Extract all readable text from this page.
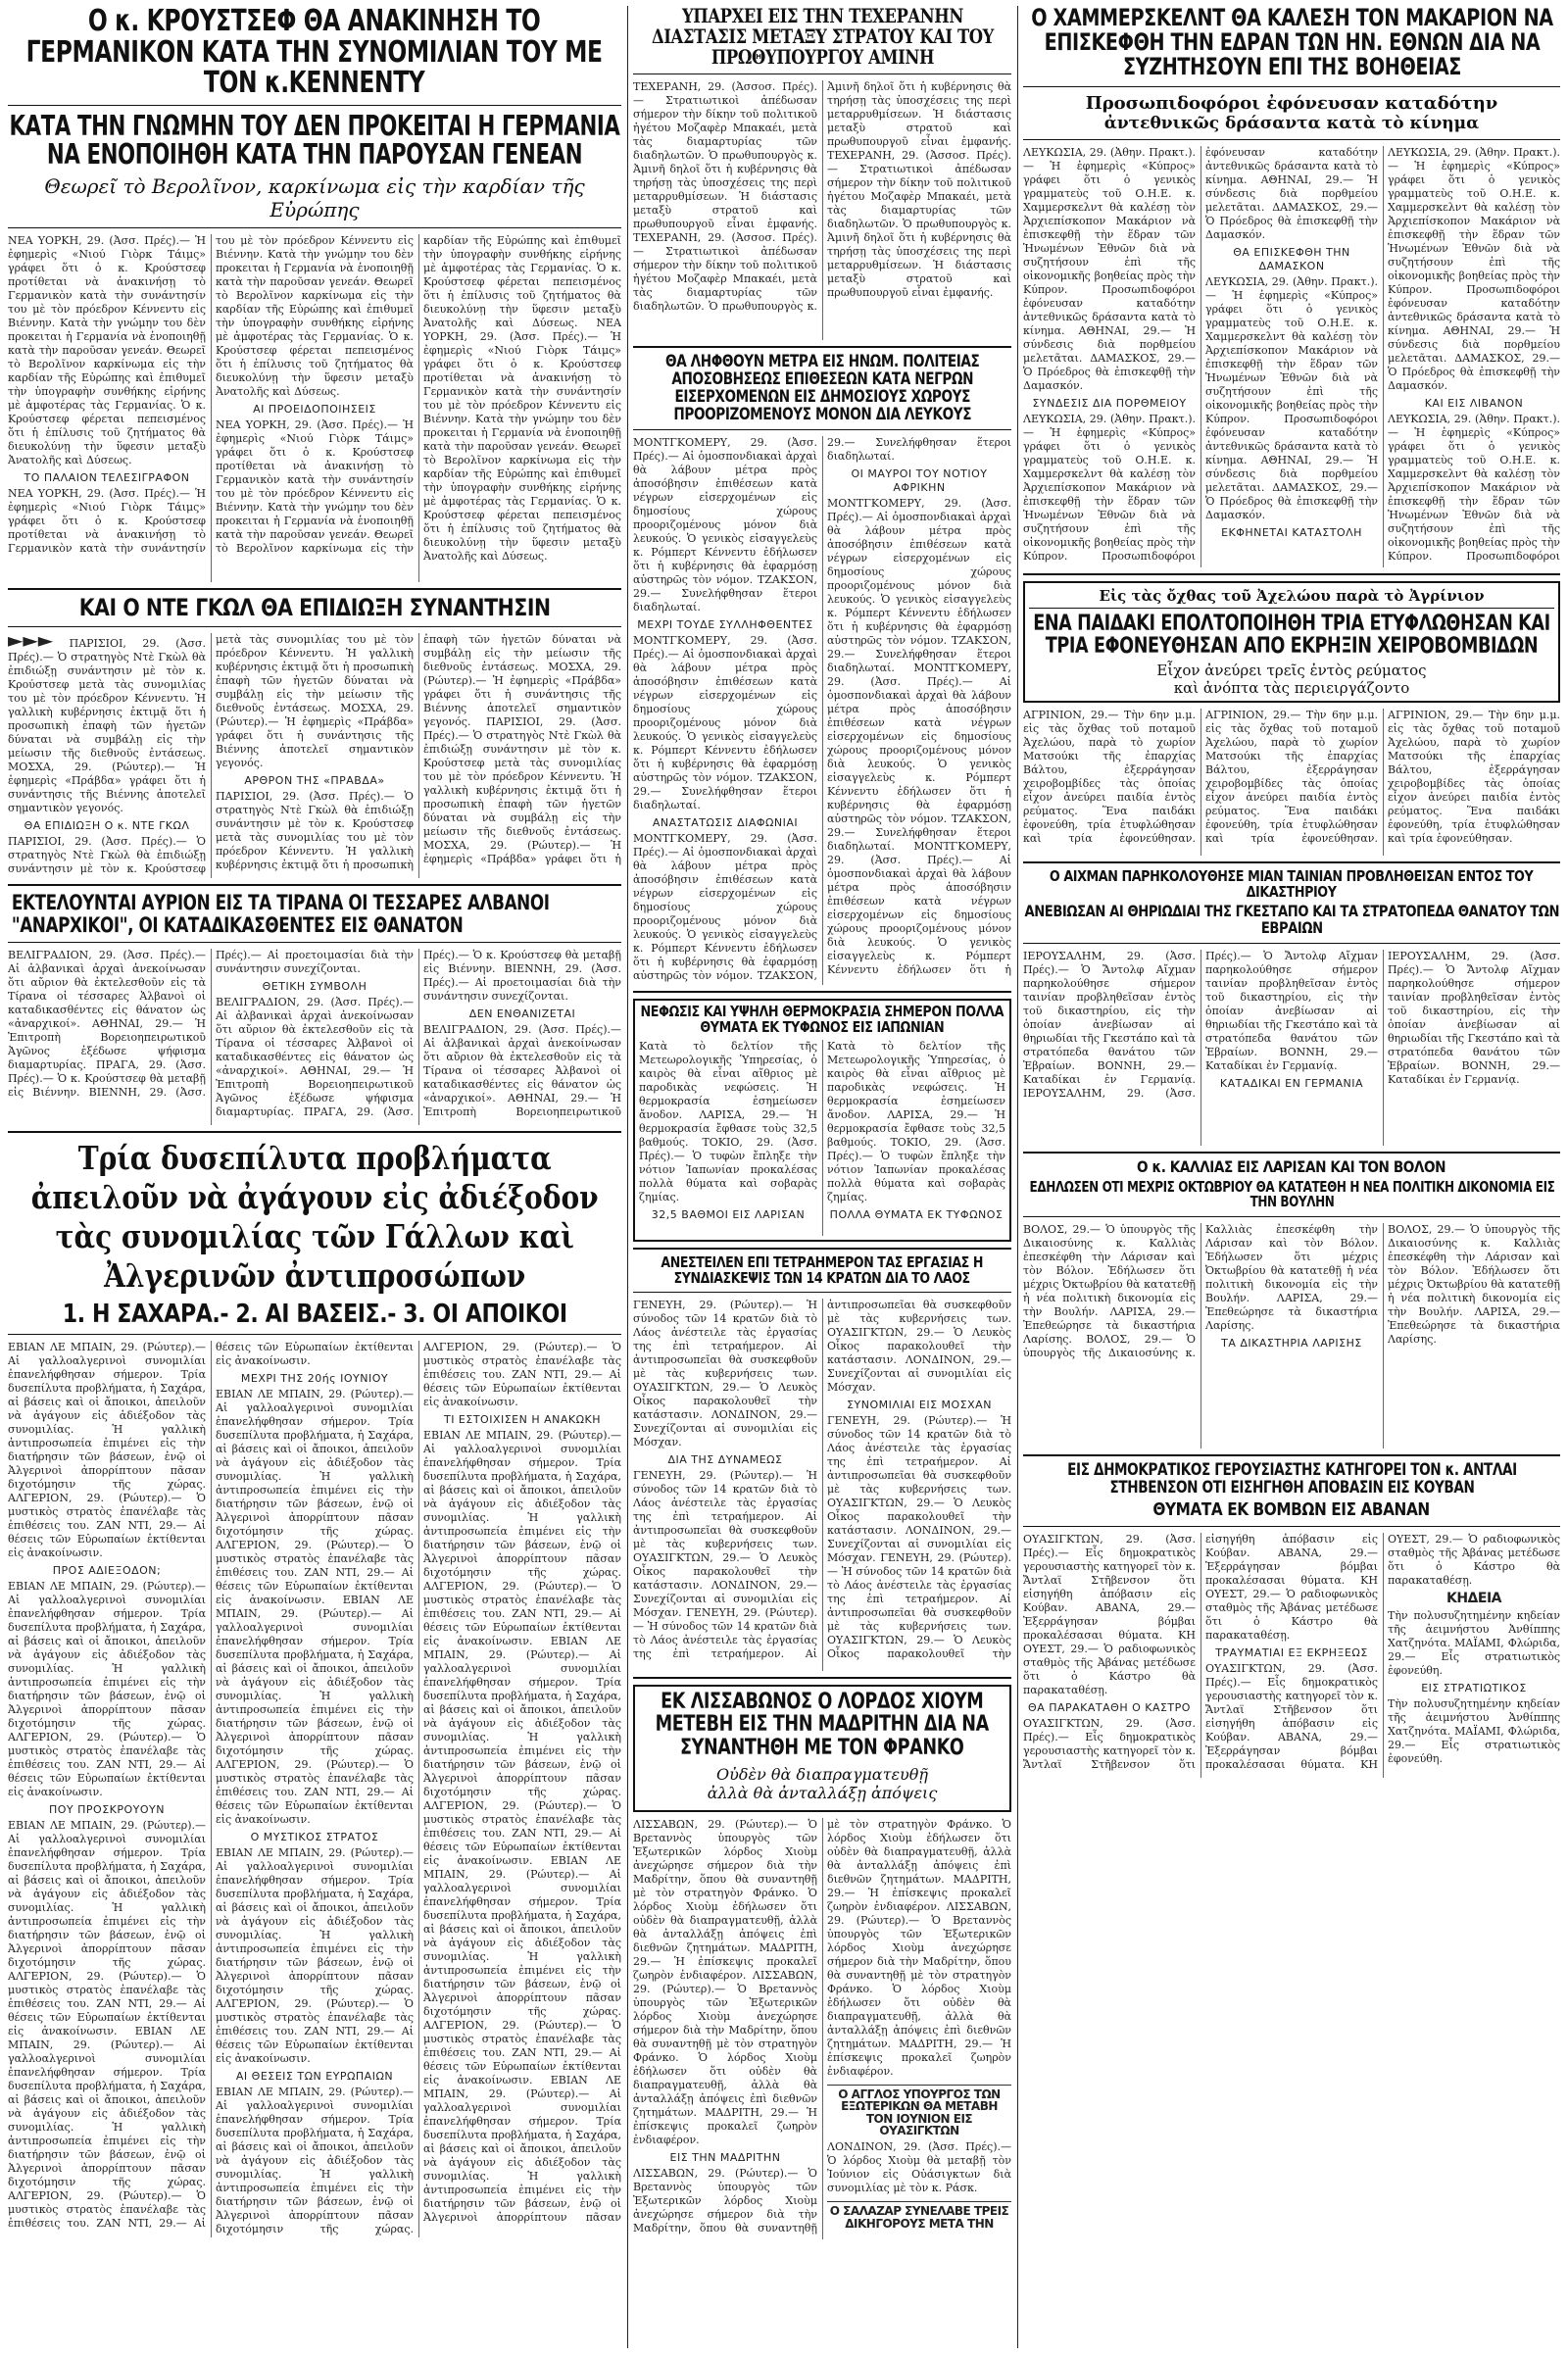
Ο κ. ΚΡΟΥΣΤΣΕΦ ΘΑ ΑΝΑΚΙΝΗΣΗ ΤΟ ΓΕΡΜΑΝΙΚΟΝ ΚΑΤΑ ΤΗΝ ΣΥΝΟΜΙΛΙΑΝ ΤΟΥ ΜΕ ΤΟΝ κ.ΚΕΝΝΕΝΤΥ
ΚΑΤΑ ΤΗΝ ΓΝΩΜΗΝ ΤΟΥ ΔΕΝ ΠΡΟΚΕΙΤΑΙ Η ΓΕΡΜΑΝΙΑ ΝΑ ΕΝΟΠΟΙΗΘΗ ΚΑΤΑ ΤΗΝ ΠΑΡΟΥΣΑΝ ΓΕΝΕΑΝ
Θεωρεῖ τὸ Βερολῖνον, καρκίνωμα εἰς τὴν καρδίαν τῆς Εὐρώπης
ΝΕΑ ΥΟΡΚΗ, 29. (Ἀσσ. Πρές).— Ἡ ἐφημερὶς «Νιού Γιὸρκ Τάιμς» γράφει ὅτι ὁ κ. Κρούστσεφ προτίθεται νὰ ἀνακινήσῃ τὸ Γερμανικὸν κατὰ τὴν συνάντησίν του μὲ τὸν πρόεδρον Κέννεντυ εἰς Βιέννην. Κατὰ τὴν γνώμην του δὲν προκειται ἡ Γερμανία νὰ ἑνοποιηθῇ κατὰ τὴν παροῦσαν γενεάν. Θεωρεῖ τὸ Βερολῖνον καρκίνωμα εἰς τὴν καρδίαν τῆς Εὐρώπης καὶ ἐπιθυμεῖ τὴν ὑπογραφὴν συνθήκης εἰρήνης μὲ ἀμφοτέρας τὰς Γερμανίας. Ὁ κ. Κρούστσεφ φέρεται πεπεισμένος ὅτι ἡ ἐπίλυσις τοῦ ζητήματος θὰ διευκολύνῃ τὴν ὕφεσιν μεταξὺ Ἀνατολῆς καὶ Δύσεως.
ΤΟ ΠΑΛΑΙΟΝ ΤΕΛΕΣΙΓΡΑΦΟΝ
ΝΕΑ ΥΟΡΚΗ, 29. (Ἀσσ. Πρές).— Ἡ ἐφημερὶς «Νιού Γιὸρκ Τάιμς» γράφει ὅτι ὁ κ. Κρούστσεφ προτίθεται νὰ ἀνακινήσῃ τὸ Γερμανικὸν κατὰ τὴν συνάντησίν του μὲ τὸν πρόεδρον Κέννεντυ εἰς Βιέννην. Κατὰ τὴν γνώμην του δὲν προκειται ἡ Γερμανία νὰ ἑνοποιηθῇ κατὰ τὴν παροῦσαν γενεάν. Θεωρεῖ τὸ Βερολῖνον καρκίνωμα εἰς τὴν καρδίαν τῆς Εὐρώπης καὶ ἐπιθυμεῖ τὴν ὑπογραφὴν συνθήκης εἰρήνης μὲ ἀμφοτέρας τὰς Γερμανίας. Ὁ κ. Κρούστσεφ φέρεται πεπεισμένος ὅτι ἡ ἐπίλυσις τοῦ ζητήματος θὰ διευκολύνῃ τὴν ὕφεσιν μεταξὺ Ἀνατολῆς καὶ Δύσεως.
ΑΙ ΠΡΟΕΙΔΟΠΟΙΗΣΕΙΣ
ΝΕΑ ΥΟΡΚΗ, 29. (Ἀσσ. Πρές).— Ἡ ἐφημερὶς «Νιού Γιὸρκ Τάιμς» γράφει ὅτι ὁ κ. Κρούστσεφ προτίθεται νὰ ἀνακινήσῃ τὸ Γερμανικὸν κατὰ τὴν συνάντησίν του μὲ τὸν πρόεδρον Κέννεντυ εἰς Βιέννην. Κατὰ τὴν γνώμην του δὲν προκειται ἡ Γερμανία νὰ ἑνοποιηθῇ κατὰ τὴν παροῦσαν γενεάν. Θεωρεῖ τὸ Βερολῖνον καρκίνωμα εἰς τὴν καρδίαν τῆς Εὐρώπης καὶ ἐπιθυμεῖ τὴν ὑπογραφὴν συνθήκης εἰρήνης μὲ ἀμφοτέρας τὰς Γερμανίας. Ὁ κ. Κρούστσεφ φέρεται πεπεισμένος ὅτι ἡ ἐπίλυσις τοῦ ζητήματος θὰ διευκολύνῃ τὴν ὕφεσιν μεταξὺ Ἀνατολῆς καὶ Δύσεως. ΝΕΑ ΥΟΡΚΗ, 29. (Ἀσσ. Πρές).— Ἡ ἐφημερὶς «Νιού Γιὸρκ Τάιμς» γράφει ὅτι ὁ κ. Κρούστσεφ προτίθεται νὰ ἀνακινήσῃ τὸ Γερμανικὸν κατὰ τὴν συνάντησίν του μὲ τὸν πρόεδρον Κέννεντυ εἰς Βιέννην. Κατὰ τὴν γνώμην του δὲν προκειται ἡ Γερμανία νὰ ἑνοποιηθῇ κατὰ τὴν παροῦσαν γενεάν. Θεωρεῖ τὸ Βερολῖνον καρκίνωμα εἰς τὴν καρδίαν τῆς Εὐρώπης καὶ ἐπιθυμεῖ τὴν ὑπογραφὴν συνθήκης εἰρήνης μὲ ἀμφοτέρας τὰς Γερμανίας. Ὁ κ. Κρούστσεφ φέρεται πεπεισμένος ὅτι ἡ ἐπίλυσις τοῦ ζητήματος θὰ διευκολύνῃ τὴν ὕφεσιν μεταξὺ Ἀνατολῆς καὶ Δύσεως.
ΚΑΙ Ο ΝΤΕ ΓΚΩΛ ΘΑ ΕΠΙΔΙΩΞΗ ΣΥΝΑΝΤΗΣΙΝ
►►► ΠΑΡΙΣΙΟΙ, 29. (Ἀσσ. Πρές).— Ὁ στρατηγὸς Ντὲ Γκὼλ θὰ ἐπιδιώξῃ συνάντησιν μὲ τὸν κ. Κρούστσεφ μετὰ τὰς συνομιλίας του μὲ τὸν πρόεδρον Κέννεντυ. Ἡ γαλλικὴ κυβέρνησις ἐκτιμᾷ ὅτι ἡ προσωπικὴ ἐπαφὴ τῶν ἡγετῶν δύναται νὰ συμβάλῃ εἰς τὴν μείωσιν τῆς διεθνοῦς ἐντάσεως. ΜΟΣΧΑ, 29. (Ρώυτερ).— Ἡ ἐφημερὶς «Πράβδα» γράφει ὅτι ἡ συνάντησις τῆς Βιέννης ἀποτελεῖ σημαντικὸν γεγονός.
ΘΑ ΕΠΙΔΙΩΞΗ Ο κ. ΝΤΕ ΓΚΩΛ
ΠΑΡΙΣΙΟΙ, 29. (Ἀσσ. Πρές).— Ὁ στρατηγὸς Ντὲ Γκὼλ θὰ ἐπιδιώξῃ συνάντησιν μὲ τὸν κ. Κρούστσεφ μετὰ τὰς συνομιλίας του μὲ τὸν πρόεδρον Κέννεντυ. Ἡ γαλλικὴ κυβέρνησις ἐκτιμᾷ ὅτι ἡ προσωπικὴ ἐπαφὴ τῶν ἡγετῶν δύναται νὰ συμβάλῃ εἰς τὴν μείωσιν τῆς διεθνοῦς ἐντάσεως. ΜΟΣΧΑ, 29. (Ρώυτερ).— Ἡ ἐφημερὶς «Πράβδα» γράφει ὅτι ἡ συνάντησις τῆς Βιέννης ἀποτελεῖ σημαντικὸν γεγονός.
ΑΡΘΡΟΝ ΤΗΣ «ΠΡΑΒΔΑ»
ΠΑΡΙΣΙΟΙ, 29. (Ἀσσ. Πρές).— Ὁ στρατηγὸς Ντὲ Γκὼλ θὰ ἐπιδιώξῃ συνάντησιν μὲ τὸν κ. Κρούστσεφ μετὰ τὰς συνομιλίας του μὲ τὸν πρόεδρον Κέννεντυ. Ἡ γαλλικὴ κυβέρνησις ἐκτιμᾷ ὅτι ἡ προσωπικὴ ἐπαφὴ τῶν ἡγετῶν δύναται νὰ συμβάλῃ εἰς τὴν μείωσιν τῆς διεθνοῦς ἐντάσεως. ΜΟΣΧΑ, 29. (Ρώυτερ).— Ἡ ἐφημερὶς «Πράβδα» γράφει ὅτι ἡ συνάντησις τῆς Βιέννης ἀποτελεῖ σημαντικὸν γεγονός. ΠΑΡΙΣΙΟΙ, 29. (Ἀσσ. Πρές).— Ὁ στρατηγὸς Ντὲ Γκὼλ θὰ ἐπιδιώξῃ συνάντησιν μὲ τὸν κ. Κρούστσεφ μετὰ τὰς συνομιλίας του μὲ τὸν πρόεδρον Κέννεντυ. Ἡ γαλλικὴ κυβέρνησις ἐκτιμᾷ ὅτι ἡ προσωπικὴ ἐπαφὴ τῶν ἡγετῶν δύναται νὰ συμβάλῃ εἰς τὴν μείωσιν τῆς διεθνοῦς ἐντάσεως. ΜΟΣΧΑ, 29. (Ρώυτερ).— Ἡ ἐφημερὶς «Πράβδα» γράφει ὅτι ἡ
ΕΚΤΕΛΟΥΝΤΑΙ ΑΥΡΙΟΝ ΕΙΣ ΤΑ ΤΙΡΑΝΑ ΟΙ ΤΕΣΣΑΡΕΣ ΑΛΒΑΝΟΙ "ΑΝΑΡΧΙΚΟΙ", ΟΙ ΚΑΤΑΔΙΚΑΣΘΕΝΤΕΣ ΕΙΣ ΘΑΝΑΤΟΝ
ΒΕΛΙΓΡΑΔΙΟΝ, 29. (Ἀσσ. Πρές).— Αἱ ἀλβανικαὶ ἀρχαὶ ἀνεκοίνωσαν ὅτι αὔριον θὰ ἐκτελεσθοῦν εἰς τὰ Τίρανα οἱ τέσσαρες Ἀλβανοὶ οἱ καταδικασθέντες εἰς θάνατον ὡς «ἀναρχικοί». ΑΘΗΝΑΙ, 29.— Ἡ Ἐπιτροπὴ Βορειοηπειρωτικοῦ Ἀγῶνος ἐξέδωσε ψήφισμα διαμαρτυρίας. ΠΡΑΓΑ, 29. (Ἀσσ. Πρές).— Ὁ κ. Κρούστσεφ θὰ μεταβῇ εἰς Βιέννην. ΒΙΕΝΝΗ, 29. (Ἀσσ. Πρές).— Αἱ προετοιμασίαι διὰ τὴν συνάντησιν συνεχίζονται.
ΘΕΤΙΚΗ ΣΥΜΒΟΛΗ
ΒΕΛΙΓΡΑΔΙΟΝ, 29. (Ἀσσ. Πρές).— Αἱ ἀλβανικαὶ ἀρχαὶ ἀνεκοίνωσαν ὅτι αὔριον θὰ ἐκτελεσθοῦν εἰς τὰ Τίρανα οἱ τέσσαρες Ἀλβανοὶ οἱ καταδικασθέντες εἰς θάνατον ὡς «ἀναρχικοί». ΑΘΗΝΑΙ, 29.— Ἡ Ἐπιτροπὴ Βορειοηπειρωτικοῦ Ἀγῶνος ἐξέδωσε ψήφισμα διαμαρτυρίας. ΠΡΑΓΑ, 29. (Ἀσσ. Πρές).— Ὁ κ. Κρούστσεφ θὰ μεταβῇ εἰς Βιέννην. ΒΙΕΝΝΗ, 29. (Ἀσσ. Πρές).— Αἱ προετοιμασίαι διὰ τὴν συνάντησιν συνεχίζονται.
ΔΕΝ ΕΝΘΑΝΙΖΕΤΑΙ
ΒΕΛΙΓΡΑΔΙΟΝ, 29. (Ἀσσ. Πρές).— Αἱ ἀλβανικαὶ ἀρχαὶ ἀνεκοίνωσαν ὅτι αὔριον θὰ ἐκτελεσθοῦν εἰς τὰ Τίρανα οἱ τέσσαρες Ἀλβανοὶ οἱ καταδικασθέντες εἰς θάνατον ὡς «ἀναρχικοί». ΑΘΗΝΑΙ, 29.— Ἡ Ἐπιτροπὴ Βορειοηπειρωτικοῦ
Τρία δυσεπίλυτα προβλήματα ἀπειλοῦν νὰ ἀγάγουν εἰς ἀδιέξοδον τὰς συνομιλίας τῶν Γάλλων καὶ Ἀλγερινῶν ἀντιπροσώπων
1. Η ΣΑΧΑΡΑ.- 2. ΑΙ ΒΑΣΕΙΣ.- 3. ΟΙ ΑΠΟΙΚΟΙ
ΕΒΙΑΝ ΛΕ ΜΠΑΙΝ, 29. (Ρώυτερ).— Αἱ γαλλοαλγερινοὶ συνομιλίαι ἐπανελήφθησαν σήμερον. Τρία δυσεπίλυτα προβλήματα, ἡ Σαχάρα, αἱ βάσεις καὶ οἱ ἄποικοι, ἀπειλοῦν νὰ ἀγάγουν εἰς ἀδιέξοδον τὰς συνομιλίας. Ἡ γαλλικὴ ἀντιπροσωπεία ἐπιμένει εἰς τὴν διατήρησιν τῶν βάσεων, ἐνῷ οἱ Ἀλγερινοὶ ἀπορρίπτουν πᾶσαν διχοτόμησιν τῆς χώρας. ΑΛΓΕΡΙΟΝ, 29. (Ρώυτερ).— Ὁ μυστικὸς στρατὸς ἐπανέλαβε τὰς ἐπιθέσεις του. ΖΑΝ ΝΤΙ, 29.— Αἱ θέσεις τῶν Εὐρωπαίων ἐκτίθενται εἰς ἀνακοίνωσιν.
ΠΡΟΣ ΑΔΙΕΞΟΔΟΝ;
ΕΒΙΑΝ ΛΕ ΜΠΑΙΝ, 29. (Ρώυτερ).— Αἱ γαλλοαλγερινοὶ συνομιλίαι ἐπανελήφθησαν σήμερον. Τρία δυσεπίλυτα προβλήματα, ἡ Σαχάρα, αἱ βάσεις καὶ οἱ ἄποικοι, ἀπειλοῦν νὰ ἀγάγουν εἰς ἀδιέξοδον τὰς συνομιλίας. Ἡ γαλλικὴ ἀντιπροσωπεία ἐπιμένει εἰς τὴν διατήρησιν τῶν βάσεων, ἐνῷ οἱ Ἀλγερινοὶ ἀπορρίπτουν πᾶσαν διχοτόμησιν τῆς χώρας. ΑΛΓΕΡΙΟΝ, 29. (Ρώυτερ).— Ὁ μυστικὸς στρατὸς ἐπανέλαβε τὰς ἐπιθέσεις του. ΖΑΝ ΝΤΙ, 29.— Αἱ θέσεις τῶν Εὐρωπαίων ἐκτίθενται εἰς ἀνακοίνωσιν.
ΠΟΥ ΠΡΟΣΚΡΟΥΟΥΝ
ΕΒΙΑΝ ΛΕ ΜΠΑΙΝ, 29. (Ρώυτερ).— Αἱ γαλλοαλγερινοὶ συνομιλίαι ἐπανελήφθησαν σήμερον. Τρία δυσεπίλυτα προβλήματα, ἡ Σαχάρα, αἱ βάσεις καὶ οἱ ἄποικοι, ἀπειλοῦν νὰ ἀγάγουν εἰς ἀδιέξοδον τὰς συνομιλίας. Ἡ γαλλικὴ ἀντιπροσωπεία ἐπιμένει εἰς τὴν διατήρησιν τῶν βάσεων, ἐνῷ οἱ Ἀλγερινοὶ ἀπορρίπτουν πᾶσαν διχοτόμησιν τῆς χώρας. ΑΛΓΕΡΙΟΝ, 29. (Ρώυτερ).— Ὁ μυστικὸς στρατὸς ἐπανέλαβε τὰς ἐπιθέσεις του. ΖΑΝ ΝΤΙ, 29.— Αἱ θέσεις τῶν Εὐρωπαίων ἐκτίθενται εἰς ἀνακοίνωσιν. ΕΒΙΑΝ ΛΕ ΜΠΑΙΝ, 29. (Ρώυτερ).— Αἱ γαλλοαλγερινοὶ συνομιλίαι ἐπανελήφθησαν σήμερον. Τρία δυσεπίλυτα προβλήματα, ἡ Σαχάρα, αἱ βάσεις καὶ οἱ ἄποικοι, ἀπειλοῦν νὰ ἀγάγουν εἰς ἀδιέξοδον τὰς συνομιλίας. Ἡ γαλλικὴ ἀντιπροσωπεία ἐπιμένει εἰς τὴν διατήρησιν τῶν βάσεων, ἐνῷ οἱ Ἀλγερινοὶ ἀπορρίπτουν πᾶσαν διχοτόμησιν τῆς χώρας. ΑΛΓΕΡΙΟΝ, 29. (Ρώυτερ).— Ὁ μυστικὸς στρατὸς ἐπανέλαβε τὰς ἐπιθέσεις του. ΖΑΝ ΝΤΙ, 29.— Αἱ θέσεις τῶν Εὐρωπαίων ἐκτίθενται εἰς ἀνακοίνωσιν.
ΜΕΧΡΙ ΤΗΣ 20ής ΙΟΥΝΙΟΥ
ΕΒΙΑΝ ΛΕ ΜΠΑΙΝ, 29. (Ρώυτερ).— Αἱ γαλλοαλγερινοὶ συνομιλίαι ἐπανελήφθησαν σήμερον. Τρία δυσεπίλυτα προβλήματα, ἡ Σαχάρα, αἱ βάσεις καὶ οἱ ἄποικοι, ἀπειλοῦν νὰ ἀγάγουν εἰς ἀδιέξοδον τὰς συνομιλίας. Ἡ γαλλικὴ ἀντιπροσωπεία ἐπιμένει εἰς τὴν διατήρησιν τῶν βάσεων, ἐνῷ οἱ Ἀλγερινοὶ ἀπορρίπτουν πᾶσαν διχοτόμησιν τῆς χώρας. ΑΛΓΕΡΙΟΝ, 29. (Ρώυτερ).— Ὁ μυστικὸς στρατὸς ἐπανέλαβε τὰς ἐπιθέσεις του. ΖΑΝ ΝΤΙ, 29.— Αἱ θέσεις τῶν Εὐρωπαίων ἐκτίθενται εἰς ἀνακοίνωσιν. ΕΒΙΑΝ ΛΕ ΜΠΑΙΝ, 29. (Ρώυτερ).— Αἱ γαλλοαλγερινοὶ συνομιλίαι ἐπανελήφθησαν σήμερον. Τρία δυσεπίλυτα προβλήματα, ἡ Σαχάρα, αἱ βάσεις καὶ οἱ ἄποικοι, ἀπειλοῦν νὰ ἀγάγουν εἰς ἀδιέξοδον τὰς συνομιλίας. Ἡ γαλλικὴ ἀντιπροσωπεία ἐπιμένει εἰς τὴν διατήρησιν τῶν βάσεων, ἐνῷ οἱ Ἀλγερινοὶ ἀπορρίπτουν πᾶσαν διχοτόμησιν τῆς χώρας. ΑΛΓΕΡΙΟΝ, 29. (Ρώυτερ).— Ὁ μυστικὸς στρατὸς ἐπανέλαβε τὰς ἐπιθέσεις του. ΖΑΝ ΝΤΙ, 29.— Αἱ θέσεις τῶν Εὐρωπαίων ἐκτίθενται εἰς ἀνακοίνωσιν.
Ο ΜΥΣΤΙΚΟΣ ΣΤΡΑΤΟΣ
ΕΒΙΑΝ ΛΕ ΜΠΑΙΝ, 29. (Ρώυτερ).— Αἱ γαλλοαλγερινοὶ συνομιλίαι ἐπανελήφθησαν σήμερον. Τρία δυσεπίλυτα προβλήματα, ἡ Σαχάρα, αἱ βάσεις καὶ οἱ ἄποικοι, ἀπειλοῦν νὰ ἀγάγουν εἰς ἀδιέξοδον τὰς συνομιλίας. Ἡ γαλλικὴ ἀντιπροσωπεία ἐπιμένει εἰς τὴν διατήρησιν τῶν βάσεων, ἐνῷ οἱ Ἀλγερινοὶ ἀπορρίπτουν πᾶσαν διχοτόμησιν τῆς χώρας. ΑΛΓΕΡΙΟΝ, 29. (Ρώυτερ).— Ὁ μυστικὸς στρατὸς ἐπανέλαβε τὰς ἐπιθέσεις του. ΖΑΝ ΝΤΙ, 29.— Αἱ θέσεις τῶν Εὐρωπαίων ἐκτίθενται εἰς ἀνακοίνωσιν.
ΑΙ ΘΕΣΕΙΣ ΤΩΝ ΕΥΡΩΠΑΙΩΝ
ΕΒΙΑΝ ΛΕ ΜΠΑΙΝ, 29. (Ρώυτερ).— Αἱ γαλλοαλγερινοὶ συνομιλίαι ἐπανελήφθησαν σήμερον. Τρία δυσεπίλυτα προβλήματα, ἡ Σαχάρα, αἱ βάσεις καὶ οἱ ἄποικοι, ἀπειλοῦν νὰ ἀγάγουν εἰς ἀδιέξοδον τὰς συνομιλίας. Ἡ γαλλικὴ ἀντιπροσωπεία ἐπιμένει εἰς τὴν διατήρησιν τῶν βάσεων, ἐνῷ οἱ Ἀλγερινοὶ ἀπορρίπτουν πᾶσαν διχοτόμησιν τῆς χώρας. ΑΛΓΕΡΙΟΝ, 29. (Ρώυτερ).— Ὁ μυστικὸς στρατὸς ἐπανέλαβε τὰς ἐπιθέσεις του. ΖΑΝ ΝΤΙ, 29.— Αἱ θέσεις τῶν Εὐρωπαίων ἐκτίθενται εἰς ἀνακοίνωσιν.
ΤΙ ΕΣΤΟΙΧΙΣΕΝ Η ΑΝΑΚΩΚΗ
ΕΒΙΑΝ ΛΕ ΜΠΑΙΝ, 29. (Ρώυτερ).— Αἱ γαλλοαλγερινοὶ συνομιλίαι ἐπανελήφθησαν σήμερον. Τρία δυσεπίλυτα προβλήματα, ἡ Σαχάρα, αἱ βάσεις καὶ οἱ ἄποικοι, ἀπειλοῦν νὰ ἀγάγουν εἰς ἀδιέξοδον τὰς συνομιλίας. Ἡ γαλλικὴ ἀντιπροσωπεία ἐπιμένει εἰς τὴν διατήρησιν τῶν βάσεων, ἐνῷ οἱ Ἀλγερινοὶ ἀπορρίπτουν πᾶσαν διχοτόμησιν τῆς χώρας. ΑΛΓΕΡΙΟΝ, 29. (Ρώυτερ).— Ὁ μυστικὸς στρατὸς ἐπανέλαβε τὰς ἐπιθέσεις του. ΖΑΝ ΝΤΙ, 29.— Αἱ θέσεις τῶν Εὐρωπαίων ἐκτίθενται εἰς ἀνακοίνωσιν. ΕΒΙΑΝ ΛΕ ΜΠΑΙΝ, 29. (Ρώυτερ).— Αἱ γαλλοαλγερινοὶ συνομιλίαι ἐπανελήφθησαν σήμερον. Τρία δυσεπίλυτα προβλήματα, ἡ Σαχάρα, αἱ βάσεις καὶ οἱ ἄποικοι, ἀπειλοῦν νὰ ἀγάγουν εἰς ἀδιέξοδον τὰς συνομιλίας. Ἡ γαλλικὴ ἀντιπροσωπεία ἐπιμένει εἰς τὴν διατήρησιν τῶν βάσεων, ἐνῷ οἱ Ἀλγερινοὶ ἀπορρίπτουν πᾶσαν διχοτόμησιν τῆς χώρας. ΑΛΓΕΡΙΟΝ, 29. (Ρώυτερ).— Ὁ μυστικὸς στρατὸς ἐπανέλαβε τὰς ἐπιθέσεις του. ΖΑΝ ΝΤΙ, 29.— Αἱ θέσεις τῶν Εὐρωπαίων ἐκτίθενται εἰς ἀνακοίνωσιν. ΕΒΙΑΝ ΛΕ ΜΠΑΙΝ, 29. (Ρώυτερ).— Αἱ γαλλοαλγερινοὶ συνομιλίαι ἐπανελήφθησαν σήμερον. Τρία δυσεπίλυτα προβλήματα, ἡ Σαχάρα, αἱ βάσεις καὶ οἱ ἄποικοι, ἀπειλοῦν νὰ ἀγάγουν εἰς ἀδιέξοδον τὰς συνομιλίας. Ἡ γαλλικὴ ἀντιπροσωπεία ἐπιμένει εἰς τὴν διατήρησιν τῶν βάσεων, ἐνῷ οἱ Ἀλγερινοὶ ἀπορρίπτουν πᾶσαν διχοτόμησιν τῆς χώρας. ΑΛΓΕΡΙΟΝ, 29. (Ρώυτερ).— Ὁ μυστικὸς στρατὸς ἐπανέλαβε τὰς ἐπιθέσεις του. ΖΑΝ ΝΤΙ, 29.— Αἱ θέσεις τῶν Εὐρωπαίων ἐκτίθενται εἰς ἀνακοίνωσιν. ΕΒΙΑΝ ΛΕ ΜΠΑΙΝ, 29. (Ρώυτερ).— Αἱ γαλλοαλγερινοὶ συνομιλίαι ἐπανελήφθησαν σήμερον. Τρία δυσεπίλυτα προβλήματα, ἡ Σαχάρα, αἱ βάσεις καὶ οἱ ἄποικοι, ἀπειλοῦν νὰ ἀγάγουν εἰς ἀδιέξοδον τὰς συνομιλίας. Ἡ γαλλικὴ ἀντιπροσωπεία ἐπιμένει εἰς τὴν διατήρησιν τῶν βάσεων, ἐνῷ οἱ Ἀλγερινοὶ ἀπορρίπτουν πᾶσαν
ΥΠΑΡΧΕΙ ΕΙΣ ΤΗΝ ΤΕΧΕΡΑΝΗΝ ΔΙΑΣΤΑΣΙΣ ΜΕΤΑΞΥ ΣΤΡΑΤΟΥ ΚΑΙ ΤΟΥ ΠΡΩΘΥΠΟΥΡΓΟΥ ΑΜΙΝΗ
ΤΕΧΕΡΑΝΗ, 29. (Ἀσσοσ. Πρές).— Στρατιωτικοὶ ἀπέδωσαν σήμερον τὴν δίκην τοῦ πολιτικοῦ ἡγέτου Μοζαφὲρ Μπακαέι, μετὰ τὰς διαμαρτυρίας τῶν διαδηλωτῶν. Ὁ πρωθυπουργὸς κ. Ἀμινῆ δηλοῖ ὅτι ἡ κυβέρνησις θὰ τηρήσῃ τὰς ὑποσχέσεις της περὶ μεταρρυθμίσεων. Ἡ διάστασις μεταξὺ στρατοῦ καὶ πρωθυπουργοῦ εἶναι ἐμφανής. ΤΕΧΕΡΑΝΗ, 29. (Ἀσσοσ. Πρές).— Στρατιωτικοὶ ἀπέδωσαν σήμερον τὴν δίκην τοῦ πολιτικοῦ ἡγέτου Μοζαφὲρ Μπακαέι, μετὰ τὰς διαμαρτυρίας τῶν διαδηλωτῶν. Ὁ πρωθυπουργὸς κ. Ἀμινῆ δηλοῖ ὅτι ἡ κυβέρνησις θὰ τηρήσῃ τὰς ὑποσχέσεις της περὶ μεταρρυθμίσεων. Ἡ διάστασις μεταξὺ στρατοῦ καὶ πρωθυπουργοῦ εἶναι ἐμφανής. ΤΕΧΕΡΑΝΗ, 29. (Ἀσσοσ. Πρές).— Στρατιωτικοὶ ἀπέδωσαν σήμερον τὴν δίκην τοῦ πολιτικοῦ ἡγέτου Μοζαφὲρ Μπακαέι, μετὰ τὰς διαμαρτυρίας τῶν διαδηλωτῶν. Ὁ πρωθυπουργὸς κ. Ἀμινῆ δηλοῖ ὅτι ἡ κυβέρνησις θὰ τηρήσῃ τὰς ὑποσχέσεις της περὶ μεταρρυθμίσεων. Ἡ διάστασις μεταξὺ στρατοῦ καὶ πρωθυπουργοῦ εἶναι ἐμφανής.
ΘΑ ΛΗΦΘΟΥΝ ΜΕΤΡΑ ΕΙΣ ΗΝΩΜ. ΠΟΛΙΤΕΙΑΣ ΑΠΟΣΟΒΗΣΕΩΣ ΕΠΙΘΕΣΕΩΝ ΚΑΤΑ ΝΕΓΡΩΝ ΕΙΣΕΡΧΟΜΕΝΩΝ ΕΙΣ ΔΗΜΟΣΙΟΥΣ ΧΩΡΟΥΣ ΠΡΟΟΡΙΖΟΜΕΝΟΥΣ ΜΟΝΟΝ ΔΙΑ ΛΕΥΚΟΥΣ
ΜΟΝΤΓΚΟΜΕΡΥ, 29. (Ἀσσ. Πρές).— Αἱ ὁμοσπονδιακαὶ ἀρχαὶ θὰ λάβουν μέτρα πρὸς ἀποσόβησιν ἐπιθέσεων κατὰ νέγρων εἰσερχομένων εἰς δημοσίους χώρους προοριζομένους μόνον διὰ λευκούς. Ὁ γενικὸς εἰσαγγελεὺς κ. Ρόμπερτ Κέννεντυ ἐδήλωσεν ὅτι ἡ κυβέρνησις θὰ ἐφαρμόσῃ αὐστηρῶς τὸν νόμον. ΤΖΑΚΣΟΝ, 29.— Συνελήφθησαν ἕτεροι διαδηλωταί.
ΜΕΧΡΙ ΤΟΥΔΕ ΣΥΛΛΗΦΘΕΝΤΕΣ
ΜΟΝΤΓΚΟΜΕΡΥ, 29. (Ἀσσ. Πρές).— Αἱ ὁμοσπονδιακαὶ ἀρχαὶ θὰ λάβουν μέτρα πρὸς ἀποσόβησιν ἐπιθέσεων κατὰ νέγρων εἰσερχομένων εἰς δημοσίους χώρους προοριζομένους μόνον διὰ λευκούς. Ὁ γενικὸς εἰσαγγελεὺς κ. Ρόμπερτ Κέννεντυ ἐδήλωσεν ὅτι ἡ κυβέρνησις θὰ ἐφαρμόσῃ αὐστηρῶς τὸν νόμον. ΤΖΑΚΣΟΝ, 29.— Συνελήφθησαν ἕτεροι διαδηλωταί.
ΑΝΑΣΤΑΤΩΣΙΣ ΔΙΑΦΩΝΙΑΙ
ΜΟΝΤΓΚΟΜΕΡΥ, 29. (Ἀσσ. Πρές).— Αἱ ὁμοσπονδιακαὶ ἀρχαὶ θὰ λάβουν μέτρα πρὸς ἀποσόβησιν ἐπιθέσεων κατὰ νέγρων εἰσερχομένων εἰς δημοσίους χώρους προοριζομένους μόνον διὰ λευκούς. Ὁ γενικὸς εἰσαγγελεὺς κ. Ρόμπερτ Κέννεντυ ἐδήλωσεν ὅτι ἡ κυβέρνησις θὰ ἐφαρμόσῃ αὐστηρῶς τὸν νόμον. ΤΖΑΚΣΟΝ, 29.— Συνελήφθησαν ἕτεροι διαδηλωταί.
ΟΙ ΜΑΥΡΟΙ ΤΟΥ ΝΟΤΙΟΥ ΑΦΡΙΚΗΝ
ΜΟΝΤΓΚΟΜΕΡΥ, 29. (Ἀσσ. Πρές).— Αἱ ὁμοσπονδιακαὶ ἀρχαὶ θὰ λάβουν μέτρα πρὸς ἀποσόβησιν ἐπιθέσεων κατὰ νέγρων εἰσερχομένων εἰς δημοσίους χώρους προοριζομένους μόνον διὰ λευκούς. Ὁ γενικὸς εἰσαγγελεὺς κ. Ρόμπερτ Κέννεντυ ἐδήλωσεν ὅτι ἡ κυβέρνησις θὰ ἐφαρμόσῃ αὐστηρῶς τὸν νόμον. ΤΖΑΚΣΟΝ, 29.— Συνελήφθησαν ἕτεροι διαδηλωταί. ΜΟΝΤΓΚΟΜΕΡΥ, 29. (Ἀσσ. Πρές).— Αἱ ὁμοσπονδιακαὶ ἀρχαὶ θὰ λάβουν μέτρα πρὸς ἀποσόβησιν ἐπιθέσεων κατὰ νέγρων εἰσερχομένων εἰς δημοσίους χώρους προοριζομένους μόνον διὰ λευκούς. Ὁ γενικὸς εἰσαγγελεὺς κ. Ρόμπερτ Κέννεντυ ἐδήλωσεν ὅτι ἡ κυβέρνησις θὰ ἐφαρμόσῃ αὐστηρῶς τὸν νόμον. ΤΖΑΚΣΟΝ, 29.— Συνελήφθησαν ἕτεροι διαδηλωταί. ΜΟΝΤΓΚΟΜΕΡΥ, 29. (Ἀσσ. Πρές).— Αἱ ὁμοσπονδιακαὶ ἀρχαὶ θὰ λάβουν μέτρα πρὸς ἀποσόβησιν ἐπιθέσεων κατὰ νέγρων εἰσερχομένων εἰς δημοσίους χώρους προοριζομένους μόνον διὰ λευκούς. Ὁ γενικὸς εἰσαγγελεὺς κ. Ρόμπερτ Κέννεντυ ἐδήλωσεν ὅτι ἡ
ΝΕΦΩΣΙΣ ΚΑΙ ΥΨΗΛΗ ΘΕΡΜΟΚΡΑΣΙΑ ΣΗΜΕΡΟΝ ΠΟΛΛΑ ΘΥΜΑΤΑ ΕΚ ΤΥΦΩΝΟΣ ΕΙΣ ΙΑΠΩΝΙΑΝ
Κατὰ τὸ δελτίον τῆς Μετεωρολογικῆς Ὑπηρεσίας, ὁ καιρὸς θὰ εἶναι αἴθριος μὲ παροδικὰς νεφώσεις. Ἡ θερμοκρασία ἐσημείωσεν ἄνοδον. ΛΑΡΙΣΑ, 29.— Ἡ θερμοκρασία ἔφθασε τοὺς 32,5 βαθμούς. ΤΟΚΙΟ, 29. (Ἀσσ. Πρές).— Ὁ τυφὼν ἔπληξε τὴν νότιον Ἰαπωνίαν προκαλέσας πολλὰ θύματα καὶ σοβαρὰς ζημίας.
32,5 ΒΑΘΜΟΙ ΕΙΣ ΛΑΡΙΣΑΝ
Κατὰ τὸ δελτίον τῆς Μετεωρολογικῆς Ὑπηρεσίας, ὁ καιρὸς θὰ εἶναι αἴθριος μὲ παροδικὰς νεφώσεις. Ἡ θερμοκρασία ἐσημείωσεν ἄνοδον. ΛΑΡΙΣΑ, 29.— Ἡ θερμοκρασία ἔφθασε τοὺς 32,5 βαθμούς. ΤΟΚΙΟ, 29. (Ἀσσ. Πρές).— Ὁ τυφὼν ἔπληξε τὴν νότιον Ἰαπωνίαν προκαλέσας πολλὰ θύματα καὶ σοβαρὰς ζημίας.
ΠΟΛΛΑ ΘΥΜΑΤΑ ΕΚ ΤΥΦΩΝΟΣ
ΑΝΕΣΤΕΙΛΕΝ ΕΠΙ ΤΕΤΡΑΗΜΕΡΟΝ ΤΑΣ ΕΡΓΑΣΙΑΣ Η ΣΥΝΔΙΑΣΚΕΨΙΣ ΤΩΝ 14 ΚΡΑΤΩΝ ΔΙΑ ΤΟ ΛΑΟΣ
ΓΕΝΕΥΗ, 29. (Ρώυτερ).— Ἡ σύνοδος τῶν 14 κρατῶν διὰ τὸ Λάος ἀνέστειλε τὰς ἐργασίας της ἐπὶ τετραήμερον. Αἱ ἀντιπροσωπεῖαι θὰ συσκεφθοῦν μὲ τὰς κυβερνήσεις των. ΟΥΑΣΙΓΚΤΩΝ, 29.— Ὁ Λευκὸς Οἶκος παρακολουθεῖ τὴν κατάστασιν. ΛΟΝΔΙΝΟΝ, 29.— Συνεχίζονται αἱ συνομιλίαι εἰς Μόσχαν.
ΔΙΑ ΤΗΣ ΔΥΝΑΜΕΩΣ
ΓΕΝΕΥΗ, 29. (Ρώυτερ).— Ἡ σύνοδος τῶν 14 κρατῶν διὰ τὸ Λάος ἀνέστειλε τὰς ἐργασίας της ἐπὶ τετραήμερον. Αἱ ἀντιπροσωπεῖαι θὰ συσκεφθοῦν μὲ τὰς κυβερνήσεις των. ΟΥΑΣΙΓΚΤΩΝ, 29.— Ὁ Λευκὸς Οἶκος παρακολουθεῖ τὴν κατάστασιν. ΛΟΝΔΙΝΟΝ, 29.— Συνεχίζονται αἱ συνομιλίαι εἰς Μόσχαν. ΓΕΝΕΥΗ, 29. (Ρώυτερ).— Ἡ σύνοδος τῶν 14 κρατῶν διὰ τὸ Λάος ἀνέστειλε τὰς ἐργασίας της ἐπὶ τετραήμερον. Αἱ ἀντιπροσωπεῖαι θὰ συσκεφθοῦν μὲ τὰς κυβερνήσεις των. ΟΥΑΣΙΓΚΤΩΝ, 29.— Ὁ Λευκὸς Οἶκος παρακολουθεῖ τὴν κατάστασιν. ΛΟΝΔΙΝΟΝ, 29.— Συνεχίζονται αἱ συνομιλίαι εἰς Μόσχαν.
ΣΥΝΟΜΙΛΙΑΙ ΕΙΣ ΜΟΣΧΑΝ
ΓΕΝΕΥΗ, 29. (Ρώυτερ).— Ἡ σύνοδος τῶν 14 κρατῶν διὰ τὸ Λάος ἀνέστειλε τὰς ἐργασίας της ἐπὶ τετραήμερον. Αἱ ἀντιπροσωπεῖαι θὰ συσκεφθοῦν μὲ τὰς κυβερνήσεις των. ΟΥΑΣΙΓΚΤΩΝ, 29.— Ὁ Λευκὸς Οἶκος παρακολουθεῖ τὴν κατάστασιν. ΛΟΝΔΙΝΟΝ, 29.— Συνεχίζονται αἱ συνομιλίαι εἰς Μόσχαν. ΓΕΝΕΥΗ, 29. (Ρώυτερ).— Ἡ σύνοδος τῶν 14 κρατῶν διὰ τὸ Λάος ἀνέστειλε τὰς ἐργασίας της ἐπὶ τετραήμερον. Αἱ ἀντιπροσωπεῖαι θὰ συσκεφθοῦν μὲ τὰς κυβερνήσεις των. ΟΥΑΣΙΓΚΤΩΝ, 29.— Ὁ Λευκὸς Οἶκος παρακολουθεῖ τὴν
ΕΚ ΛΙΣΣΑΒΩΝΟΣ Ο ΛΟΡΔΟΣ ΧΙΟΥΜ ΜΕΤΕΒΗ ΕΙΣ ΤΗΝ ΜΑΔΡΙΤΗΝ ΔΙΑ ΝΑ ΣΥΝΑΝΤΗΘΗ ΜΕ ΤΟΝ ΦΡΑΝΚΟ
Οὐδὲν θὰ διαπραγματευθῇ
ἀλλὰ θὰ ἀνταλλάξῃ ἀπόψεις
ΛΙΣΣΑΒΩΝ, 29. (Ρώυτερ).— Ὁ Βρεταννὸς ὑπουργὸς τῶν Ἐξωτερικῶν λόρδος Χιοὺμ ἀνεχώρησε σήμερον διὰ τὴν Μαδρίτην, ὅπου θὰ συναντηθῇ μὲ τὸν στρατηγὸν Φράνκο. Ὁ λόρδος Χιοὺμ ἐδήλωσεν ὅτι οὐδὲν θὰ διαπραγματευθῇ, ἀλλὰ θὰ ἀνταλλάξῃ ἀπόψεις ἐπὶ διεθνῶν ζητημάτων. ΜΑΔΡΙΤΗ, 29.— Ἡ ἐπίσκεψις προκαλεῖ ζωηρὸν ἐνδιαφέρον. ΛΙΣΣΑΒΩΝ, 29. (Ρώυτερ).— Ὁ Βρεταννὸς ὑπουργὸς τῶν Ἐξωτερικῶν λόρδος Χιοὺμ ἀνεχώρησε σήμερον διὰ τὴν Μαδρίτην, ὅπου θὰ συναντηθῇ μὲ τὸν στρατηγὸν Φράνκο. Ὁ λόρδος Χιοὺμ ἐδήλωσεν ὅτι οὐδὲν θὰ διαπραγματευθῇ, ἀλλὰ θὰ ἀνταλλάξῃ ἀπόψεις ἐπὶ διεθνῶν ζητημάτων. ΜΑΔΡΙΤΗ, 29.— Ἡ ἐπίσκεψις προκαλεῖ ζωηρὸν ἐνδιαφέρον.
ΕΙΣ ΤΗΝ ΜΑΔΡΙΤΗΝ
ΛΙΣΣΑΒΩΝ, 29. (Ρώυτερ).— Ὁ Βρεταννὸς ὑπουργὸς τῶν Ἐξωτερικῶν λόρδος Χιοὺμ ἀνεχώρησε σήμερον διὰ τὴν Μαδρίτην, ὅπου θὰ συναντηθῇ μὲ τὸν στρατηγὸν Φράνκο. Ὁ λόρδος Χιοὺμ ἐδήλωσεν ὅτι οὐδὲν θὰ διαπραγματευθῇ, ἀλλὰ θὰ ἀνταλλάξῃ ἀπόψεις ἐπὶ διεθνῶν ζητημάτων. ΜΑΔΡΙΤΗ, 29.— Ἡ ἐπίσκεψις προκαλεῖ ζωηρὸν ἐνδιαφέρον. ΛΙΣΣΑΒΩΝ, 29. (Ρώυτερ).— Ὁ Βρεταννὸς ὑπουργὸς τῶν Ἐξωτερικῶν λόρδος Χιοὺμ ἀνεχώρησε σήμερον διὰ τὴν Μαδρίτην, ὅπου θὰ συναντηθῇ μὲ τὸν στρατηγὸν Φράνκο. Ὁ λόρδος Χιοὺμ ἐδήλωσεν ὅτι οὐδὲν θὰ διαπραγματευθῇ, ἀλλὰ θὰ ἀνταλλάξῃ ἀπόψεις ἐπὶ διεθνῶν ζητημάτων. ΜΑΔΡΙΤΗ, 29.— Ἡ ἐπίσκεψις προκαλεῖ ζωηρὸν ἐνδιαφέρον.
Ο ΑΓΓΛΟΣ ΥΠΟΥΡΓΟΣ ΤΩΝ ΕΞΩΤΕΡΙΚΩΝ ΘΑ ΜΕΤΑΒΗ ΤΟΝ ΙΟΥΝΙΟΝ ΕΙΣ ΟΥΑΣΙΓΚΤΩΝ
ΛΟΝΔΙΝΟΝ, 29. (Ἀσσ. Πρές).— Ὁ λόρδος Χιοὺμ θὰ μεταβῇ τὸν Ἰούνιον εἰς Οὐάσιγκτων διὰ συνομιλίας μὲ τὸν κ. Ράσκ.
Ο ΣΑΛΑΖΑΡ ΣΥΝΕΛΑΒΕ ΤΡΕΙΣ ΔΙΚΗΓΟΡΟΥΣ ΜΕΤΑ ΤΗΝ
Ο ΧΑΜΜΕΡΣΚΕΛΝΤ ΘΑ ΚΑΛΕΣΗ ΤΟΝ ΜΑΚΑΡΙΟΝ ΝΑ ΕΠΙΣΚΕΦΘΗ ΤΗΝ ΕΔΡΑΝ ΤΩΝ ΗΝ. ΕΘΝΩΝ ΔΙΑ ΝΑ ΣΥΖΗΤΗΣΟΥΝ ΕΠΙ ΤΗΣ ΒΟΗΘΕΙΑΣ
Προσωπιδοφόροι ἐφόνευσαν καταδότην
ἀντεθνικῶς δράσαντα κατὰ τὸ κίνημα
ΛΕΥΚΩΣΙΑ, 29. (Ἀθην. Πρακτ.).— Ἡ ἐφημερὶς «Κύπρος» γράφει ὅτι ὁ γενικὸς γραμματεὺς τοῦ Ο.Η.Ε. κ. Χαμμερσκελντ θὰ καλέσῃ τὸν Ἀρχιεπίσκοπον Μακάριον νὰ ἐπισκεφθῇ τὴν ἕδραν τῶν Ἡνωμένων Ἐθνῶν διὰ νὰ συζητήσουν ἐπὶ τῆς οἰκονομικῆς βοηθείας πρὸς τὴν Κύπρον. Προσωπιδοφόροι ἐφόνευσαν καταδότην ἀντεθνικῶς δράσαντα κατὰ τὸ κίνημα. ΑΘΗΝΑΙ, 29.— Ἡ σύνδεσις διὰ πορθμείου μελετᾶται. ΔΑΜΑΣΚΟΣ, 29.— Ὁ Πρόεδρος θὰ ἐπισκεφθῇ τὴν Δαμασκόν.
ΣΥΝΔΕΣΙΣ ΔΙΑ ΠΟΡΘΜΕΙΟΥ
ΛΕΥΚΩΣΙΑ, 29. (Ἀθην. Πρακτ.).— Ἡ ἐφημερὶς «Κύπρος» γράφει ὅτι ὁ γενικὸς γραμματεὺς τοῦ Ο.Η.Ε. κ. Χαμμερσκελντ θὰ καλέσῃ τὸν Ἀρχιεπίσκοπον Μακάριον νὰ ἐπισκεφθῇ τὴν ἕδραν τῶν Ἡνωμένων Ἐθνῶν διὰ νὰ συζητήσουν ἐπὶ τῆς οἰκονομικῆς βοηθείας πρὸς τὴν Κύπρον. Προσωπιδοφόροι ἐφόνευσαν καταδότην ἀντεθνικῶς δράσαντα κατὰ τὸ κίνημα. ΑΘΗΝΑΙ, 29.— Ἡ σύνδεσις διὰ πορθμείου μελετᾶται. ΔΑΜΑΣΚΟΣ, 29.— Ὁ Πρόεδρος θὰ ἐπισκεφθῇ τὴν Δαμασκόν.
ΘΑ ΕΠΙΣΚΕΦΘΗ ΤΗΝ ΔΑΜΑΣΚΟΝ
ΛΕΥΚΩΣΙΑ, 29. (Ἀθην. Πρακτ.).— Ἡ ἐφημερὶς «Κύπρος» γράφει ὅτι ὁ γενικὸς γραμματεὺς τοῦ Ο.Η.Ε. κ. Χαμμερσκελντ θὰ καλέσῃ τὸν Ἀρχιεπίσκοπον Μακάριον νὰ ἐπισκεφθῇ τὴν ἕδραν τῶν Ἡνωμένων Ἐθνῶν διὰ νὰ συζητήσουν ἐπὶ τῆς οἰκονομικῆς βοηθείας πρὸς τὴν Κύπρον. Προσωπιδοφόροι ἐφόνευσαν καταδότην ἀντεθνικῶς δράσαντα κατὰ τὸ κίνημα. ΑΘΗΝΑΙ, 29.— Ἡ σύνδεσις διὰ πορθμείου μελετᾶται. ΔΑΜΑΣΚΟΣ, 29.— Ὁ Πρόεδρος θὰ ἐπισκεφθῇ τὴν Δαμασκόν.
ΕΚΦΗΝΕΤΑΙ ΚΑΤΑΣΤΟΛΗ
ΛΕΥΚΩΣΙΑ, 29. (Ἀθην. Πρακτ.).— Ἡ ἐφημερὶς «Κύπρος» γράφει ὅτι ὁ γενικὸς γραμματεὺς τοῦ Ο.Η.Ε. κ. Χαμμερσκελντ θὰ καλέσῃ τὸν Ἀρχιεπίσκοπον Μακάριον νὰ ἐπισκεφθῇ τὴν ἕδραν τῶν Ἡνωμένων Ἐθνῶν διὰ νὰ συζητήσουν ἐπὶ τῆς οἰκονομικῆς βοηθείας πρὸς τὴν Κύπρον. Προσωπιδοφόροι ἐφόνευσαν καταδότην ἀντεθνικῶς δράσαντα κατὰ τὸ κίνημα. ΑΘΗΝΑΙ, 29.— Ἡ σύνδεσις διὰ πορθμείου μελετᾶται. ΔΑΜΑΣΚΟΣ, 29.— Ὁ Πρόεδρος θὰ ἐπισκεφθῇ τὴν Δαμασκόν.
ΚΑΙ ΕΙΣ ΛΙΒΑΝΟΝ
ΛΕΥΚΩΣΙΑ, 29. (Ἀθην. Πρακτ.).— Ἡ ἐφημερὶς «Κύπρος» γράφει ὅτι ὁ γενικὸς γραμματεὺς τοῦ Ο.Η.Ε. κ. Χαμμερσκελντ θὰ καλέσῃ τὸν Ἀρχιεπίσκοπον Μακάριον νὰ ἐπισκεφθῇ τὴν ἕδραν τῶν Ἡνωμένων Ἐθνῶν διὰ νὰ συζητήσουν ἐπὶ τῆς οἰκονομικῆς βοηθείας πρὸς τὴν Κύπρον. Προσωπιδοφόροι
Εἰς τὰς ὄχθας τοῦ Ἀχελώου παρὰ τὸ Ἀγρίνιον
ΕΝΑ ΠΑΙΔΑΚΙ ΕΠΟΛΤΟΠΟΙΗΘΗ ΤΡΙΑ ΕΤΥΦΛΩΘΗΣΑΝ ΚΑΙ ΤΡΙΑ ΕΦΟΝΕΥΘΗΣΑΝ ΑΠΟ ΕΚΡΗΞΙΝ ΧΕΙΡΟΒΟΜΒΙΔΩΝ
Εἶχον ἀνεύρει τρεῖς ἐντὸς ρεύματος
καὶ ἀνόπτα τὰς περιειργάζοντο
ΑΓΡΙΝΙΟΝ, 29.— Τὴν 6ην μ.μ. εἰς τὰς ὄχθας τοῦ ποταμοῦ Ἀχελώου, παρὰ τὸ χωρίον Ματσούκι τῆς ἐπαρχίας Βάλτου, ἐξερράγησαν χειροβομβίδες τὰς ὁποίας εἶχον ἀνεύρει παιδία ἐντὸς ρεύματος. Ἕνα παιδάκι ἐφονεύθη, τρία ἐτυφλώθησαν καὶ τρία ἐφονεύθησαν. ΑΓΡΙΝΙΟΝ, 29.— Τὴν 6ην μ.μ. εἰς τὰς ὄχθας τοῦ ποταμοῦ Ἀχελώου, παρὰ τὸ χωρίον Ματσούκι τῆς ἐπαρχίας Βάλτου, ἐξερράγησαν χειροβομβίδες τὰς ὁποίας εἶχον ἀνεύρει παιδία ἐντὸς ρεύματος. Ἕνα παιδάκι ἐφονεύθη, τρία ἐτυφλώθησαν καὶ τρία ἐφονεύθησαν. ΑΓΡΙΝΙΟΝ, 29.— Τὴν 6ην μ.μ. εἰς τὰς ὄχθας τοῦ ποταμοῦ Ἀχελώου, παρὰ τὸ χωρίον Ματσούκι τῆς ἐπαρχίας Βάλτου, ἐξερράγησαν χειροβομβίδες τὰς ὁποίας εἶχον ἀνεύρει παιδία ἐντὸς ρεύματος. Ἕνα παιδάκι ἐφονεύθη, τρία ἐτυφλώθησαν καὶ τρία ἐφονεύθησαν.
Ο ΑΙΧΜΑΝ ΠΑΡΗΚΟΛΟΥΘΗΣΕ ΜΙΑΝ ΤΑΙΝΙΑΝ ΠΡΟΒΛΗΘΕΙΣΑΝ ΕΝΤΟΣ ΤΟΥ ΔΙΚΑΣΤΗΡΙΟΥ
ΑΝΕΒΙΩΣΑΝ ΑΙ ΘΗΡΙΩΔΙΑΙ ΤΗΣ ΓΚΕΣΤΑΠΟ ΚΑΙ ΤΑ ΣΤΡΑΤΟΠΕΔΑ ΘΑΝΑΤΟΥ ΤΩΝ ΕΒΡΑΙΩΝ
ΙΕΡΟΥΣΑΛΗΜ, 29. (Ἀσσ. Πρές).— Ὁ Ἄντολφ Αἴχμαν παρηκολούθησε σήμερον ταινίαν προβληθεῖσαν ἐντὸς τοῦ δικαστηρίου, εἰς τὴν ὁποίαν ἀνεβίωσαν αἱ θηριωδίαι τῆς Γκεστάπο καὶ τὰ στρατόπεδα θανάτου τῶν Ἑβραίων. ΒΟΝΝΗ, 29.— Καταδίκαι ἐν Γερμανίᾳ. ΙΕΡΟΥΣΑΛΗΜ, 29. (Ἀσσ. Πρές).— Ὁ Ἄντολφ Αἴχμαν παρηκολούθησε σήμερον ταινίαν προβληθεῖσαν ἐντὸς τοῦ δικαστηρίου, εἰς τὴν ὁποίαν ἀνεβίωσαν αἱ θηριωδίαι τῆς Γκεστάπο καὶ τὰ στρατόπεδα θανάτου τῶν Ἑβραίων. ΒΟΝΝΗ, 29.— Καταδίκαι ἐν Γερμανίᾳ.
ΚΑΤΑΔΙΚΑΙ ΕΝ ΓΕΡΜΑΝΙΑ
ΙΕΡΟΥΣΑΛΗΜ, 29. (Ἀσσ. Πρές).— Ὁ Ἄντολφ Αἴχμαν παρηκολούθησε σήμερον ταινίαν προβληθεῖσαν ἐντὸς τοῦ δικαστηρίου, εἰς τὴν ὁποίαν ἀνεβίωσαν αἱ θηριωδίαι τῆς Γκεστάπο καὶ τὰ στρατόπεδα θανάτου τῶν Ἑβραίων. ΒΟΝΝΗ, 29.— Καταδίκαι ἐν Γερμανίᾳ.
Ο κ. ΚΑΛΛΙΑΣ ΕΙΣ ΛΑΡΙΣΑΝ ΚΑΙ ΤΟΝ ΒΟΛΟΝ
ΕΔΗΛΩΣΕΝ ΟΤΙ ΜΕΧΡΙΣ ΟΚΤΩΒΡΙΟΥ ΘΑ ΚΑΤΑΤΕΘΗ Η ΝΕΑ ΠΟΛΙΤΙΚΗ ΔΙΚΟΝΟΜΙΑ ΕΙΣ ΤΗΝ ΒΟΥΛΗΝ
ΒΟΛΟΣ, 29.— Ὁ ὑπουργὸς τῆς Δικαιοσύνης κ. Καλλιὰς ἐπεσκέφθη τὴν Λάρισαν καὶ τὸν Βόλον. Ἐδήλωσεν ὅτι μέχρις Ὀκτωβρίου θὰ κατατεθῇ ἡ νέα πολιτικὴ δικονομία εἰς τὴν Βουλήν. ΛΑΡΙΣΑ, 29.— Ἐπεθεώρησε τὰ δικαστήρια Λαρίσης. ΒΟΛΟΣ, 29.— Ὁ ὑπουργὸς τῆς Δικαιοσύνης κ. Καλλιὰς ἐπεσκέφθη τὴν Λάρισαν καὶ τὸν Βόλον. Ἐδήλωσεν ὅτι μέχρις Ὀκτωβρίου θὰ κατατεθῇ ἡ νέα πολιτικὴ δικονομία εἰς τὴν Βουλήν. ΛΑΡΙΣΑ, 29.— Ἐπεθεώρησε τὰ δικαστήρια Λαρίσης.
ΤΑ ΔΙΚΑΣΤΗΡΙΑ ΛΑΡΙΣΗΣ
ΒΟΛΟΣ, 29.— Ὁ ὑπουργὸς τῆς Δικαιοσύνης κ. Καλλιὰς ἐπεσκέφθη τὴν Λάρισαν καὶ τὸν Βόλον. Ἐδήλωσεν ὅτι μέχρις Ὀκτωβρίου θὰ κατατεθῇ ἡ νέα πολιτικὴ δικονομία εἰς τὴν Βουλήν. ΛΑΡΙΣΑ, 29.— Ἐπεθεώρησε τὰ δικαστήρια Λαρίσης.
ΕΙΣ ΔΗΜΟΚΡΑΤΙΚΟΣ ΓΕΡΟΥΣΙΑΣΤΗΣ ΚΑΤΗΓΟΡΕΙ ΤΟΝ κ. ΑΝΤΛΑΙ ΣΤΗΒΕΝΣΟΝ ΟΤΙ ΕΙΣΗΓΗΘΗ ΑΠΟΒΑΣΙΝ ΕΙΣ ΚΟΥΒΑΝ
ΘΥΜΑΤΑ ΕΚ ΒΟΜΒΩΝ ΕΙΣ ΑΒΑΝΑΝ
ΟΥΑΣΙΓΚΤΩΝ, 29. (Ἀσσ. Πρές).— Εἷς δημοκρατικὸς γερουσιαστὴς κατηγορεῖ τὸν κ. Ἄντλαϊ Στῆβενσον ὅτι εἰσηγήθη ἀπόβασιν εἰς Κούβαν. ΑΒΑΝΑ, 29.— Ἐξερράγησαν βόμβαι προκαλέσασαι θύματα. ΚΗ ΟΥΕΣΤ, 29.— Ὁ ραδιοφωνικὸς σταθμὸς τῆς Ἀβάνας μετέδωσε ὅτι ὁ Κάστρο θὰ παρακαταθέσῃ.
ΘΑ ΠΑΡΑΚΑΤΑΘΗ Ο ΚΑΣΤΡΟ
ΟΥΑΣΙΓΚΤΩΝ, 29. (Ἀσσ. Πρές).— Εἷς δημοκρατικὸς γερουσιαστὴς κατηγορεῖ τὸν κ. Ἄντλαϊ Στῆβενσον ὅτι εἰσηγήθη ἀπόβασιν εἰς Κούβαν. ΑΒΑΝΑ, 29.— Ἐξερράγησαν βόμβαι προκαλέσασαι θύματα. ΚΗ ΟΥΕΣΤ, 29.— Ὁ ραδιοφωνικὸς σταθμὸς τῆς Ἀβάνας μετέδωσε ὅτι ὁ Κάστρο θὰ παρακαταθέσῃ.
ΤΡΑΥΜΑΤΙΑΙ ΕΞ ΕΚΡΗΞΕΩΣ
ΟΥΑΣΙΓΚΤΩΝ, 29. (Ἀσσ. Πρές).— Εἷς δημοκρατικὸς γερουσιαστὴς κατηγορεῖ τὸν κ. Ἄντλαϊ Στῆβενσον ὅτι εἰσηγήθη ἀπόβασιν εἰς Κούβαν. ΑΒΑΝΑ, 29.— Ἐξερράγησαν βόμβαι προκαλέσασαι θύματα. ΚΗ ΟΥΕΣΤ, 29.— Ὁ ραδιοφωνικὸς σταθμὸς τῆς Ἀβάνας μετέδωσε ὅτι ὁ Κάστρο θὰ παρακαταθέσῃ.
ΚΗΔΕΙΑ
Τὴν πολυσυζητημένην κηδείαν τῆς ἀειμνήστου Ἀνθίππης Χατζηνότα. ΜΑΪΑΜΙ, Φλώριδα, 29.— Εἷς στρατιωτικὸς ἐφονεύθη.
ΕΙΣ ΣΤΡΑΤΙΩΤΙΚΟΣ
Τὴν πολυσυζητημένην κηδείαν τῆς ἀειμνήστου Ἀνθίππης Χατζηνότα. ΜΑΪΑΜΙ, Φλώριδα, 29.— Εἷς στρατιωτικὸς ἐφονεύθη.
